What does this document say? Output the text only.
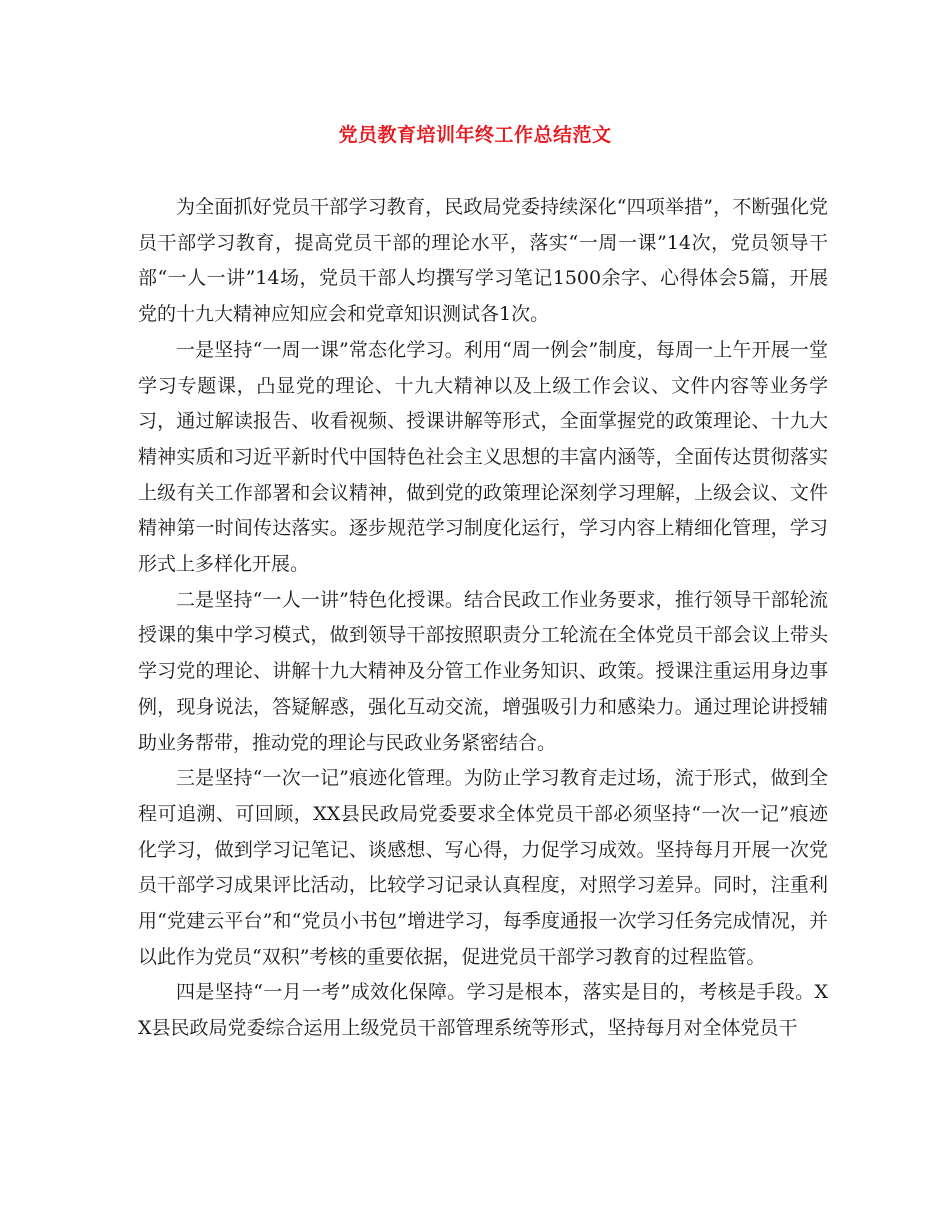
党员教育培训年终工作总结范文

为全面抓好党员干部学习教育，民政局党委持续深化“四项举措”，不断强化党员干部学习教育，提高党员干部的理论水平，落实“一周一课”14次，党员领导干部“一人一讲”14场，党员干部人均撰写学习笔记1500余字、心得体会5篇，开展党的十九大精神应知应会和党章知识测试各1次。

一是坚持“一周一课”常态化学习。利用“周一例会”制度，每周一上午开展一堂学习专题课，凸显党的理论、十九大精神以及上级工作会议、文件内容等业务学习，通过解读报告、收看视频、授课讲解等形式，全面掌握党的政策理论、十九大精神实质和习近平新时代中国特色社会主义思想的丰富内涵等，全面传达贯彻落实上级有关工作部署和会议精神，做到党的政策理论深刻学习理解，上级会议、文件精神第一时间传达落实。逐步规范学习制度化运行，学习内容上精细化管理，学习形式上多样化开展。

二是坚持“一人一讲”特色化授课。结合民政工作业务要求，推行领导干部轮流授课的集中学习模式，做到领导干部按照职责分工轮流在全体党员干部会议上带头学习党的理论、讲解十九大精神及分管工作业务知识、政策。授课注重运用身边事例，现身说法，答疑解惑，强化互动交流，增强吸引力和感染力。通过理论讲授辅助业务帮带，推动党的理论与民政业务紧密结合。

三是坚持“一次一记”痕迹化管理。为防止学习教育走过场，流于形式，做到全程可追溯、可回顾，XX县民政局党委要求全体党员干部必须坚持“一次一记”痕迹化学习，做到学习记笔记、谈感想、写心得，力促学习成效。坚持每月开展一次党员干部学习成果评比活动，比较学习记录认真程度，对照学习差异。同时，注重利用“党建云平台”和“党员小书包”增进学习，每季度通报一次学习任务完成情况，并以此作为党员“双积”考核的重要依据，促进党员干部学习教育的过程监管。

四是坚持“一月一考”成效化保障。学习是根本，落实是目的，考核是手段。XX县民政局党委综合运用上级党员干部管理系统等形式，坚持每月对全体党员干
